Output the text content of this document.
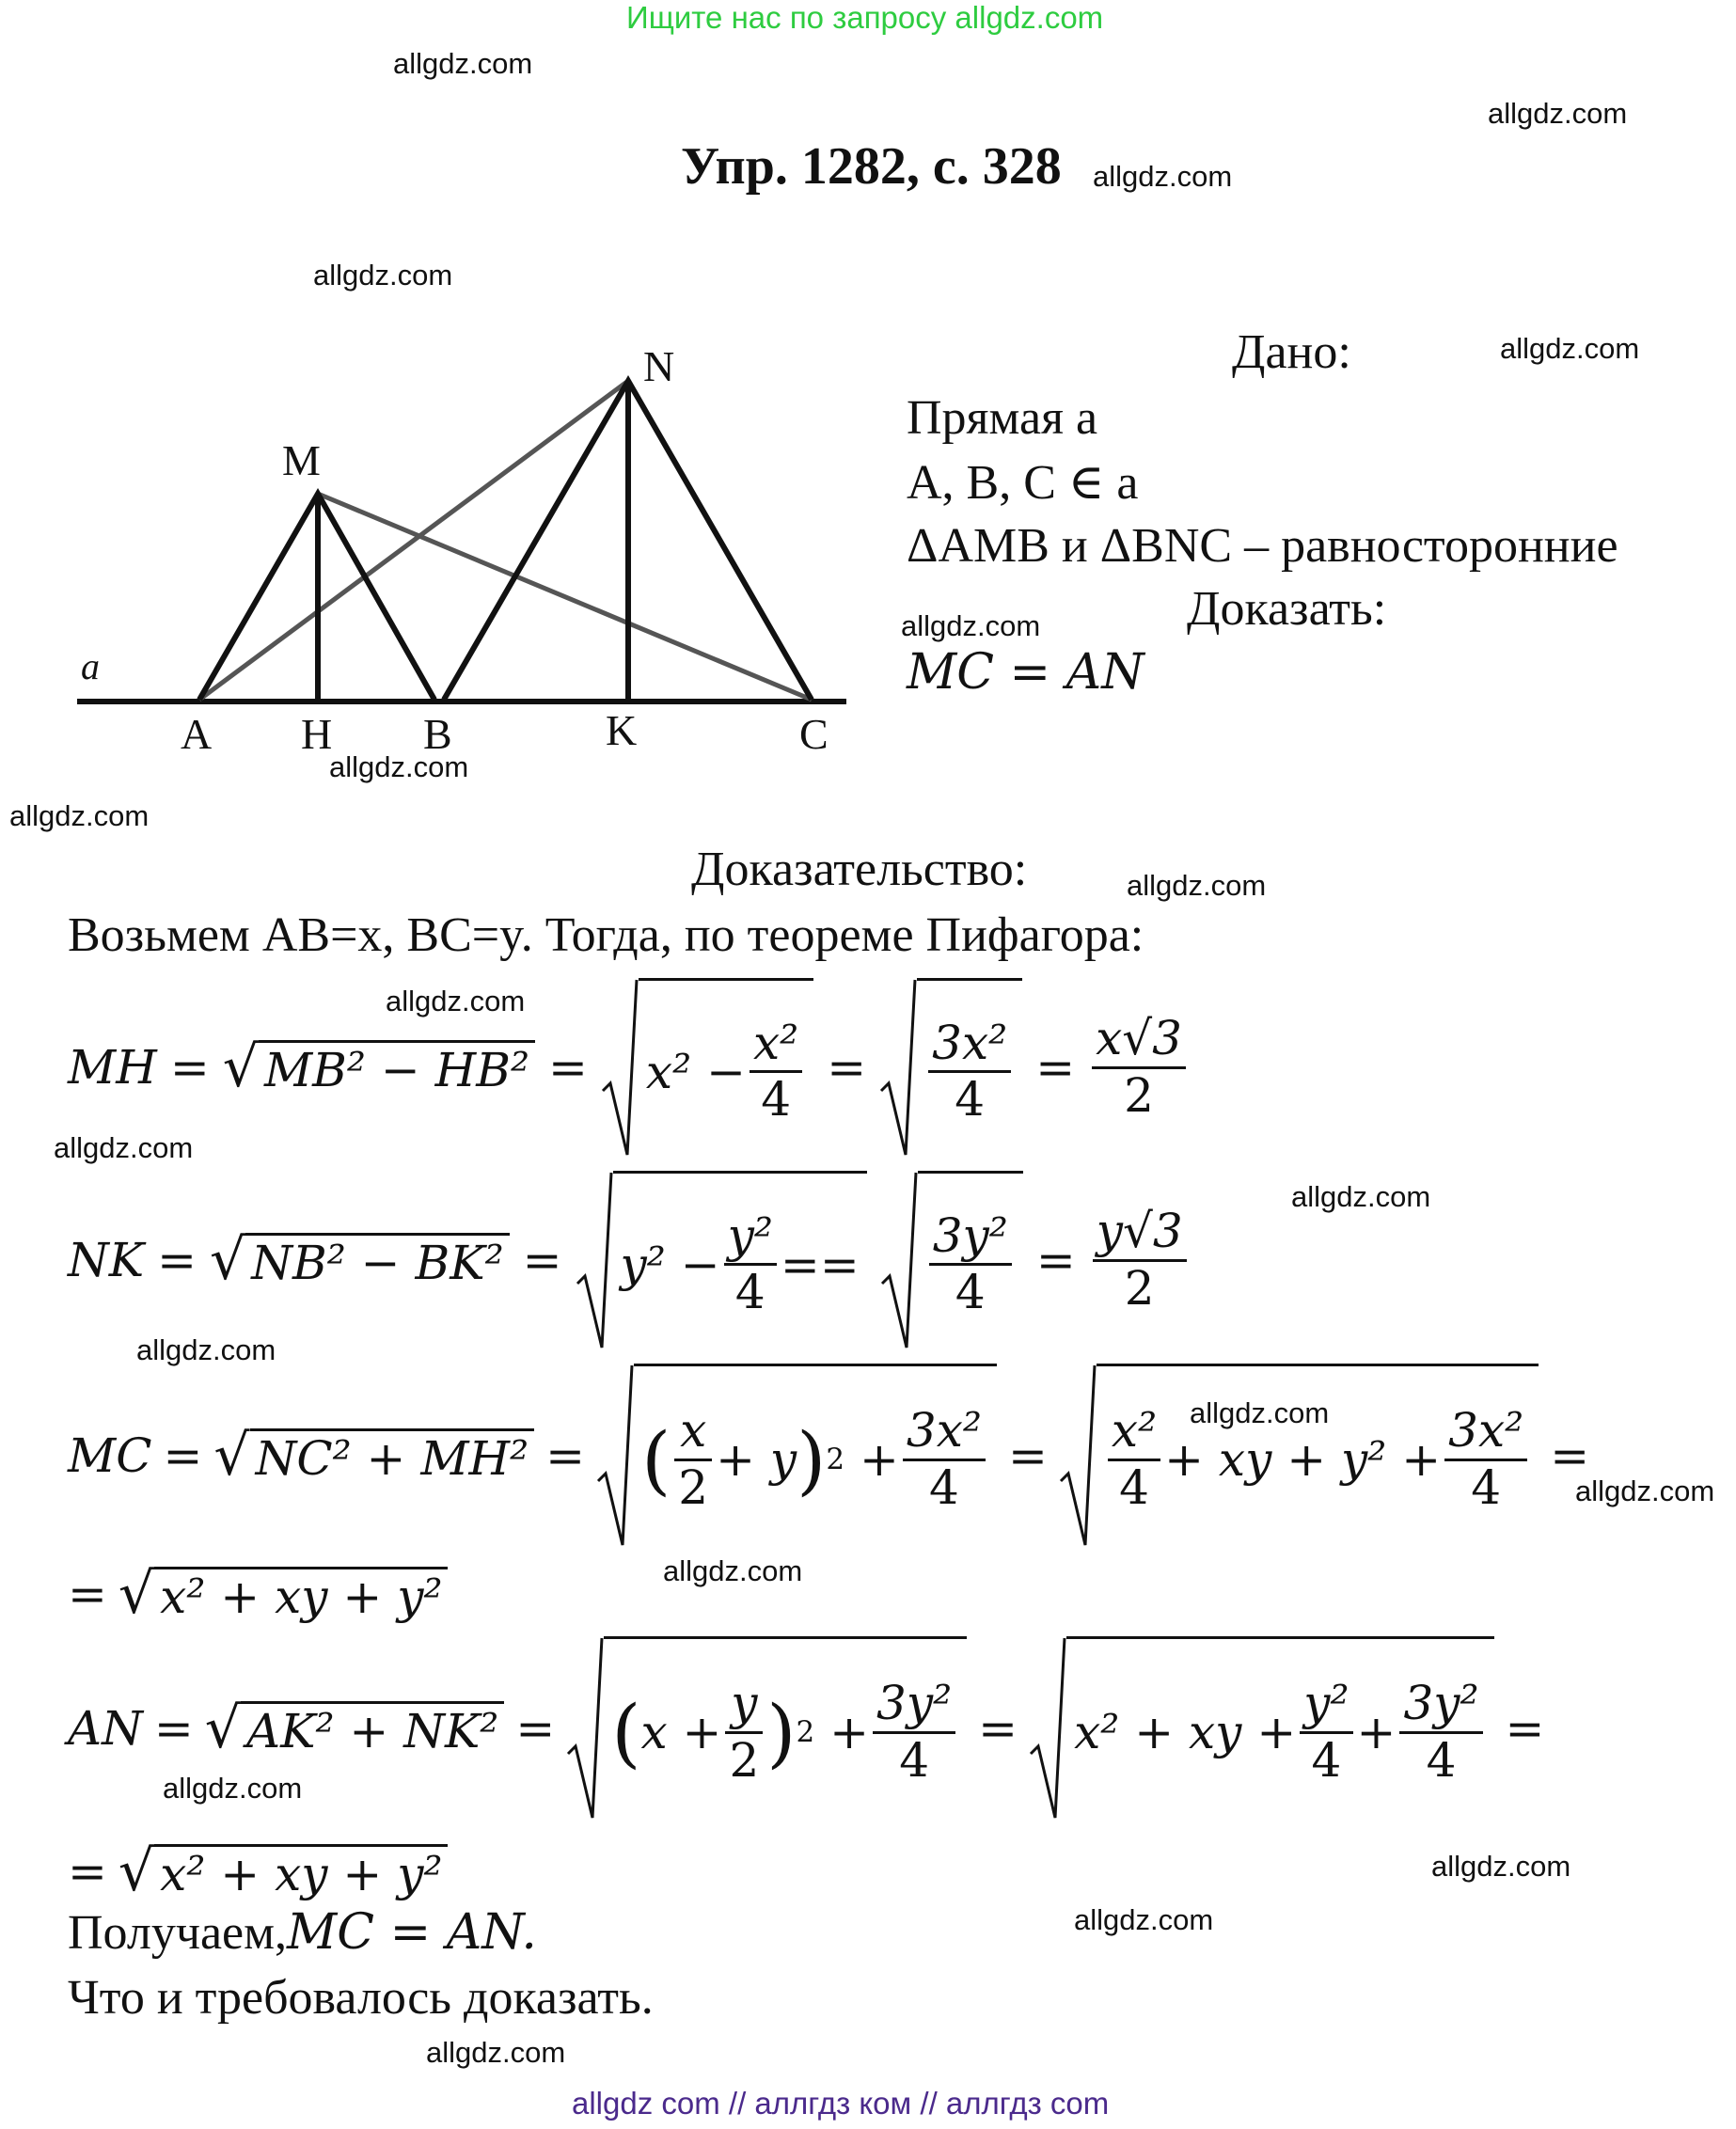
Ищите нас по запросу allgdz.com
allgdz com // аллгдз ком // аллгдз com
allgdz.com
allgdz.com
allgdz.com
allgdz.com
allgdz.com
allgdz.com
allgdz.com
allgdz.com
allgdz.com
allgdz.com
allgdz.com
allgdz.com
allgdz.com
allgdz.com
allgdz.com
allgdz.com
allgdz.com
allgdz.com
allgdz.com
allgdz.com
Упр. 1282, с. 328
a
M
N
A H B	K	C
Дано:
Прямая a
A, B, C ∈ a
ΔAMB и ΔBNC – равносторонние
Доказать:
MC = AN
Доказательство:
Возьмем AB=x, BC=y. Тогда, по теореме Пифагора:
MH = √ MB² − HB² = x²
− $\frac{\text{x²}}{4} = \frac{\text{3x²}}{4} = \frac{x√3}{2}$
NK = √ NB² − BK² = y²
− $\frac{\text{y²}}{4} == \frac{\text{3y²}}{4} = \frac{y√3}{2}$
MC = √ NC² + MH² = ( $\frac{x}{2} + y$ ) 2
+ $\frac{\text{3x²}}{4} = \frac{\text{x²}}{4}$ + xy + $y^2 + \frac{\text{3x²}}{4}$ =
= √ x² + xy + y²
AN = √ AK² + NK² = ( $x + \frac{y}{2}$ ) 2
+ $\frac{\text{3y²}}{4} = x^2$ + xy + $\frac{\text{y²}}{4} + \frac{\text{3y²}}{4}$ =
= √ x² + xy + y²
Получаем,MC = AN.
Что и требовалось доказать.
